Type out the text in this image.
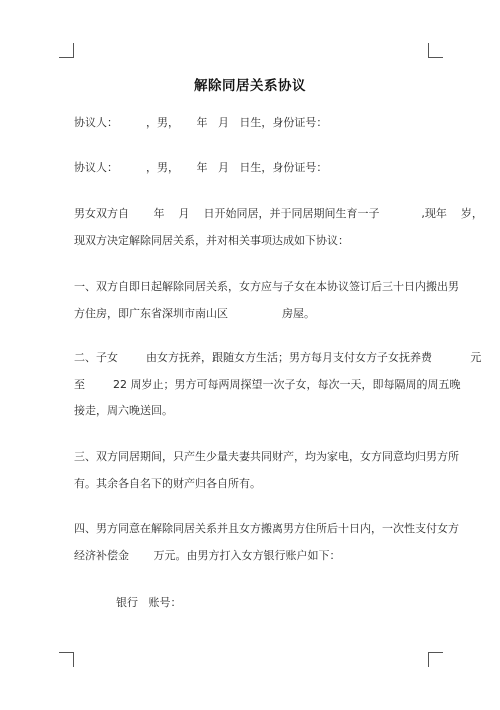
解除同居关系协议
协议人：        ，男，     年   月   日生，身份证号：
协议人：        ，男，     年   月   日生，身份证号：
男女双方自       年    月    日开始同居，并于同居期间生育一子            ,现年    岁，
现双方决定解除同居关系，并对相关事项达成如下协议：
一、双方自即日起解除同居关系，女方应与子女在本协议签订后三十日内搬出男
方住房，即广东省深圳市南山区	房屋。
二、子女        由女方抚养，跟随女方生活；男方每月支付女方子女抚养费           元
至        22 周岁止；男方可每两周探望一次子女，每次一天，即每隔周的周五晚
接走，周六晚送回。
三、双方同居期间，只产生少量夫妻共同财产，均为家电，女方同意均归男方所
有。其余各自名下的财产归各自所有。
四、男方同意在解除同居关系并且女方搬离男方住所后十日内，一次性支付女方
经济补偿金       万元。由男方打入女方银行账户如下：
银行   账号：
